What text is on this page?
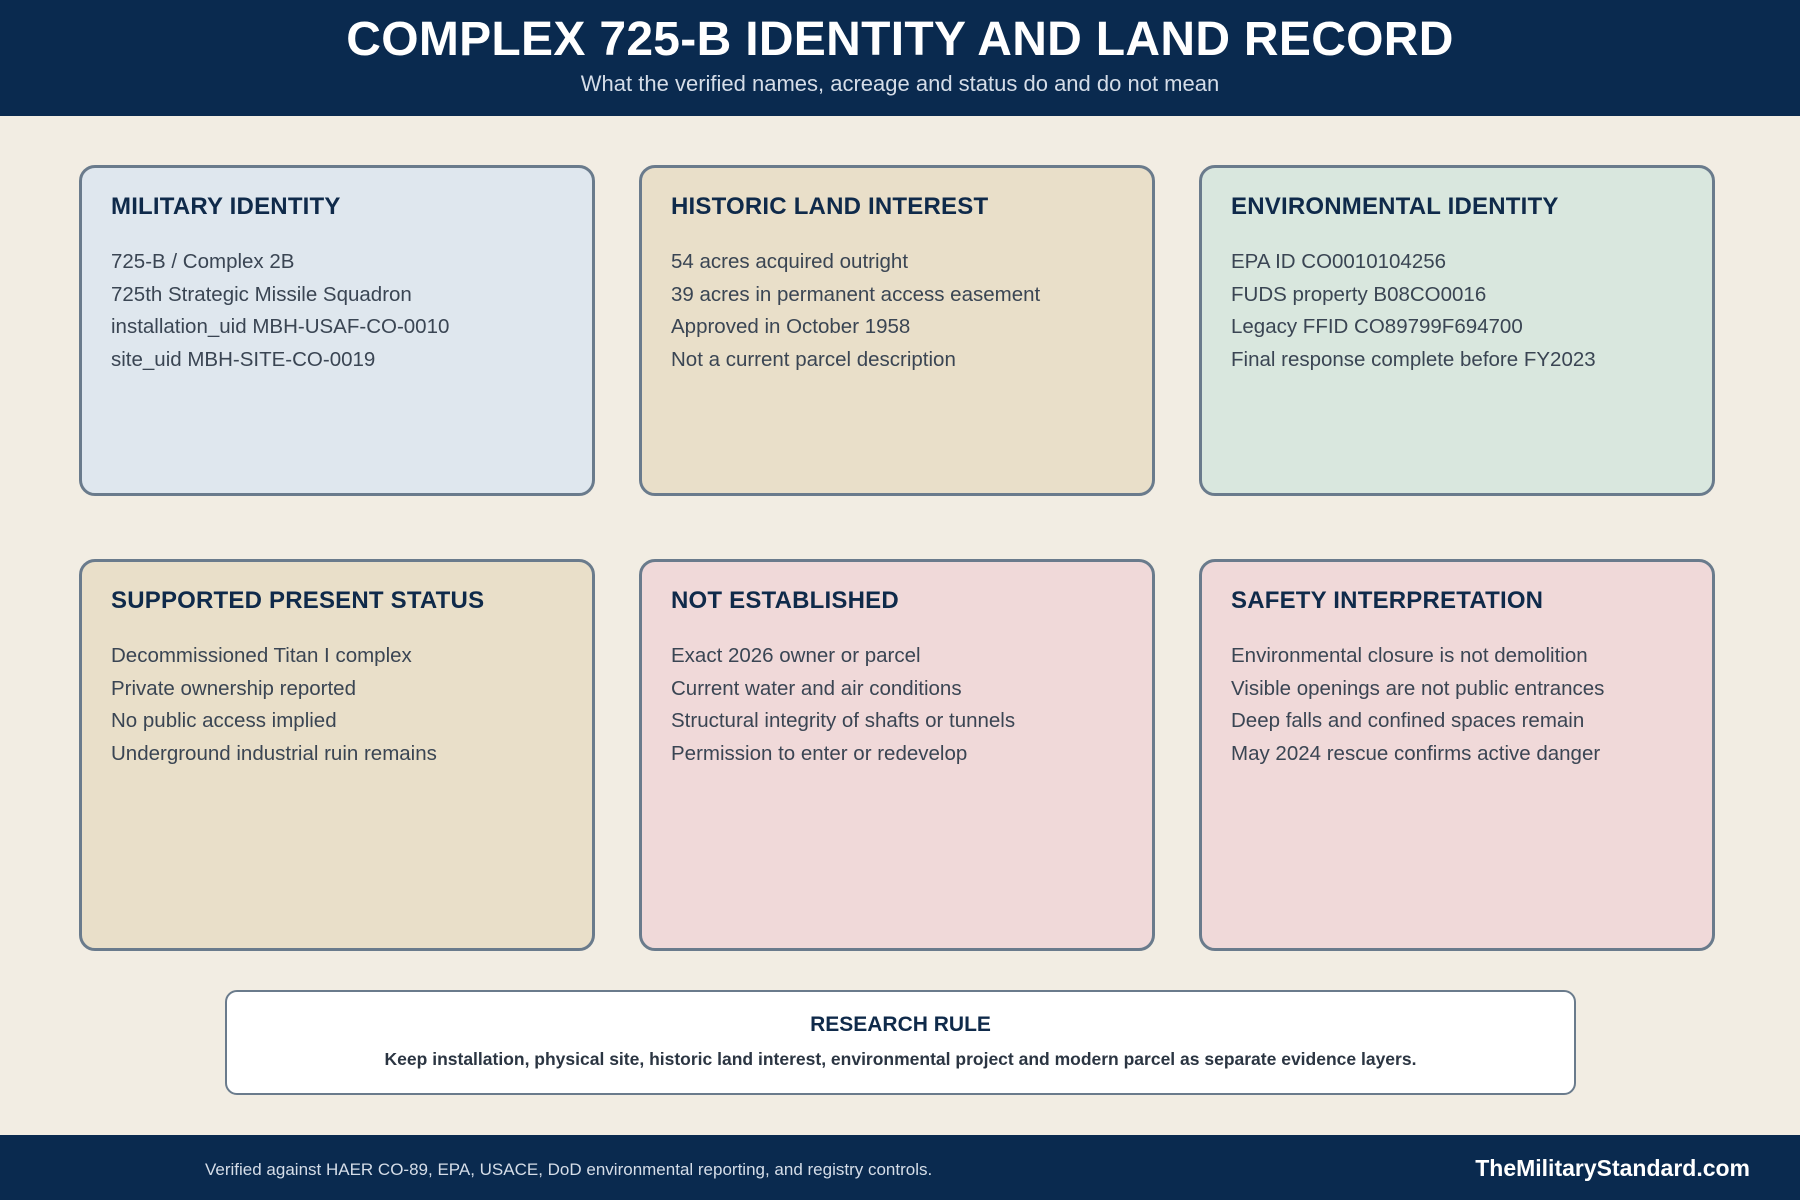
COMPLEX 725-B IDENTITY AND LAND RECORD
What the verified names, acreage and status do and do not mean
MILITARY IDENTITY
725-B / Complex 2B
725th Strategic Missile Squadron
installation_uid MBH-USAF-CO-0010
site_uid MBH-SITE-CO-0019
HISTORIC LAND INTEREST
54 acres acquired outright
39 acres in permanent access easement
Approved in October 1958
Not a current parcel description
ENVIRONMENTAL IDENTITY
EPA ID CO0010104256
FUDS property B08CO0016
Legacy FFID CO89799F694700
Final response complete before FY2023
SUPPORTED PRESENT STATUS
Decommissioned Titan I complex
Private ownership reported
No public access implied
Underground industrial ruin remains
NOT ESTABLISHED
Exact 2026 owner or parcel
Current water and air conditions
Structural integrity of shafts or tunnels
Permission to enter or redevelop
SAFETY INTERPRETATION
Environmental closure is not demolition
Visible openings are not public entrances
Deep falls and confined spaces remain
May 2024 rescue confirms active danger
RESEARCH RULE
Keep installation, physical site, historic land interest, environmental project and modern parcel as separate evidence layers.
Verified against HAER CO-89, EPA, USACE, DoD environmental reporting, and registry controls.	TheMilitaryStandard.com
